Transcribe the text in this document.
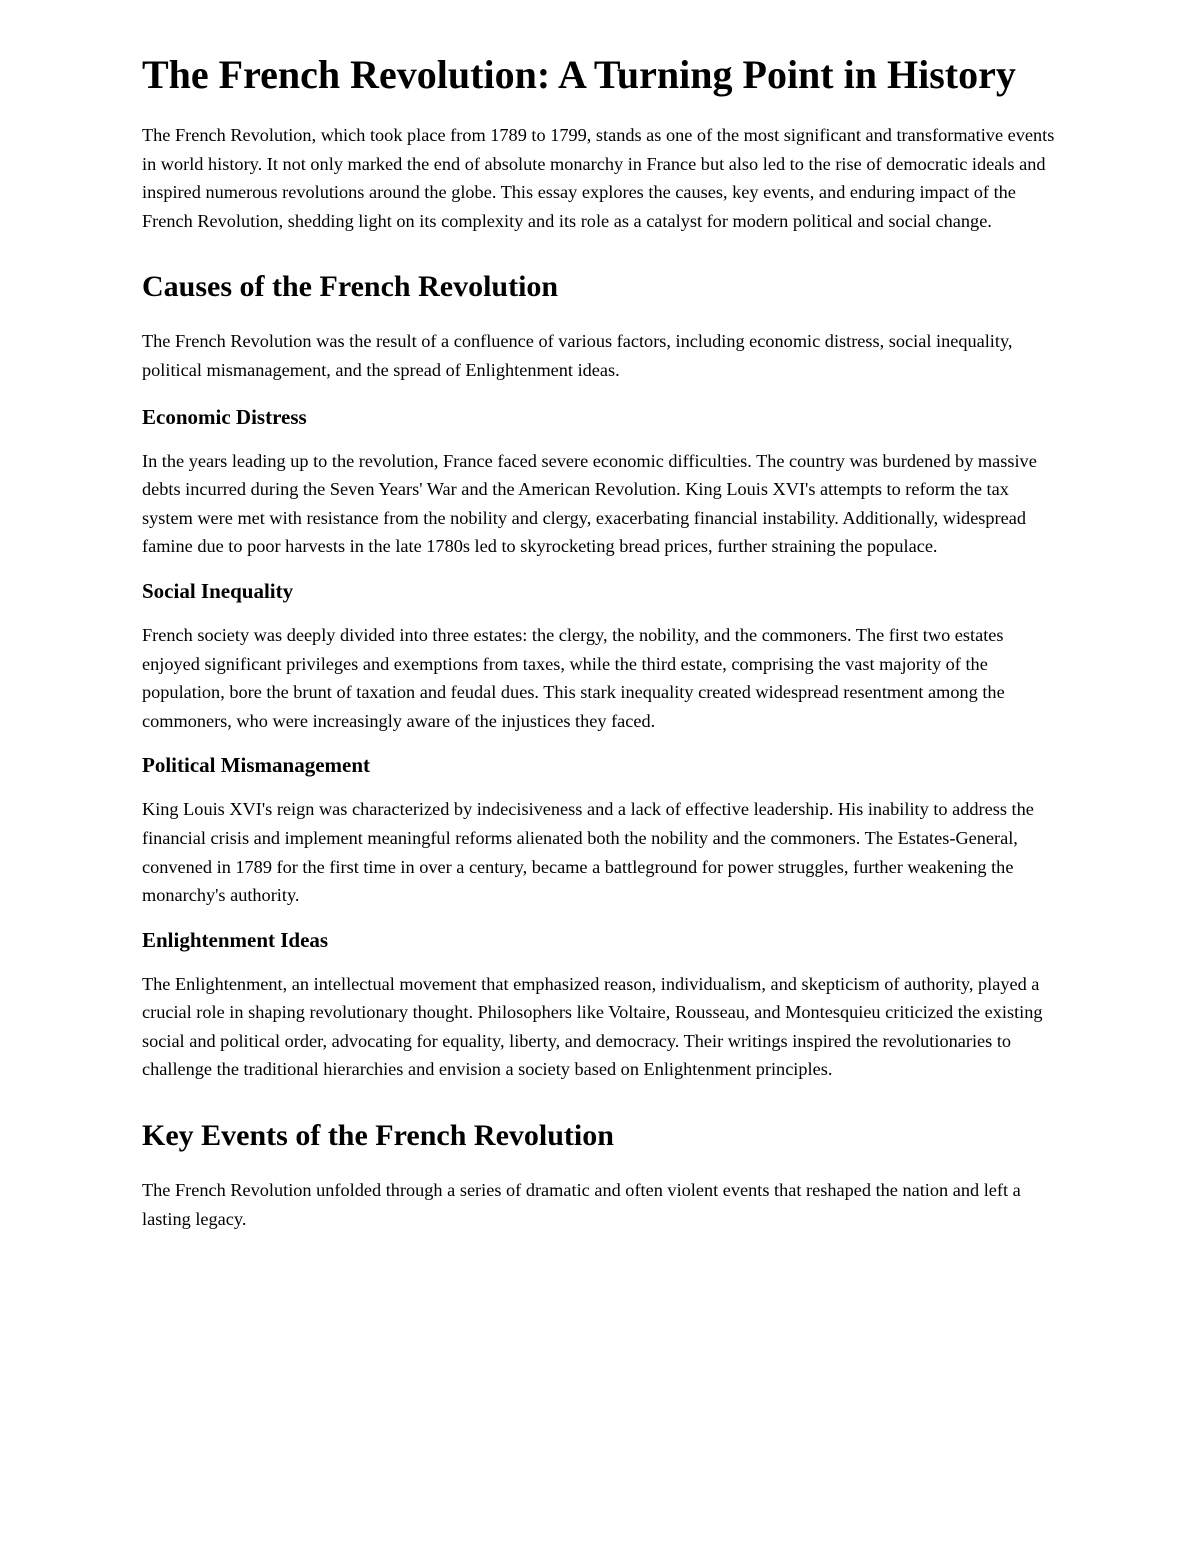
The French Revolution: A Turning Point in History

The French Revolution, which took place from 1789 to 1799, stands as one of the most significant and transformative events in world history. It not only marked the end of absolute monarchy in France but also led to the rise of democratic ideals and inspired numerous revolutions around the globe. This essay explores the causes, key events, and enduring impact of the French Revolution, shedding light on its complexity and its role as a catalyst for modern political and social change.

Causes of the French Revolution

The French Revolution was the result of a confluence of various factors, including economic distress, social inequality, political mismanagement, and the spread of Enlightenment ideas.

Economic Distress

In the years leading up to the revolution, France faced severe economic difficulties. The country was burdened by massive debts incurred during the Seven Years' War and the American Revolution. King Louis XVI's attempts to reform the tax system were met with resistance from the nobility and clergy, exacerbating financial instability. Additionally, widespread famine due to poor harvests in the late 1780s led to skyrocketing bread prices, further straining the populace.

Social Inequality

French society was deeply divided into three estates: the clergy, the nobility, and the commoners. The first two estates enjoyed significant privileges and exemptions from taxes, while the third estate, comprising the vast majority of the population, bore the brunt of taxation and feudal dues. This stark inequality created widespread resentment among the commoners, who were increasingly aware of the injustices they faced.

Political Mismanagement

King Louis XVI's reign was characterized by indecisiveness and a lack of effective leadership. His inability to address the financial crisis and implement meaningful reforms alienated both the nobility and the commoners. The Estates-General, convened in 1789 for the first time in over a century, became a battleground for power struggles, further weakening the monarchy's authority.

Enlightenment Ideas

The Enlightenment, an intellectual movement that emphasized reason, individualism, and skepticism of authority, played a crucial role in shaping revolutionary thought. Philosophers like Voltaire, Rousseau, and Montesquieu criticized the existing social and political order, advocating for equality, liberty, and democracy. Their writings inspired the revolutionaries to challenge the traditional hierarchies and envision a society based on Enlightenment principles.

Key Events of the French Revolution

The French Revolution unfolded through a series of dramatic and often violent events that reshaped the nation and left a lasting legacy.
